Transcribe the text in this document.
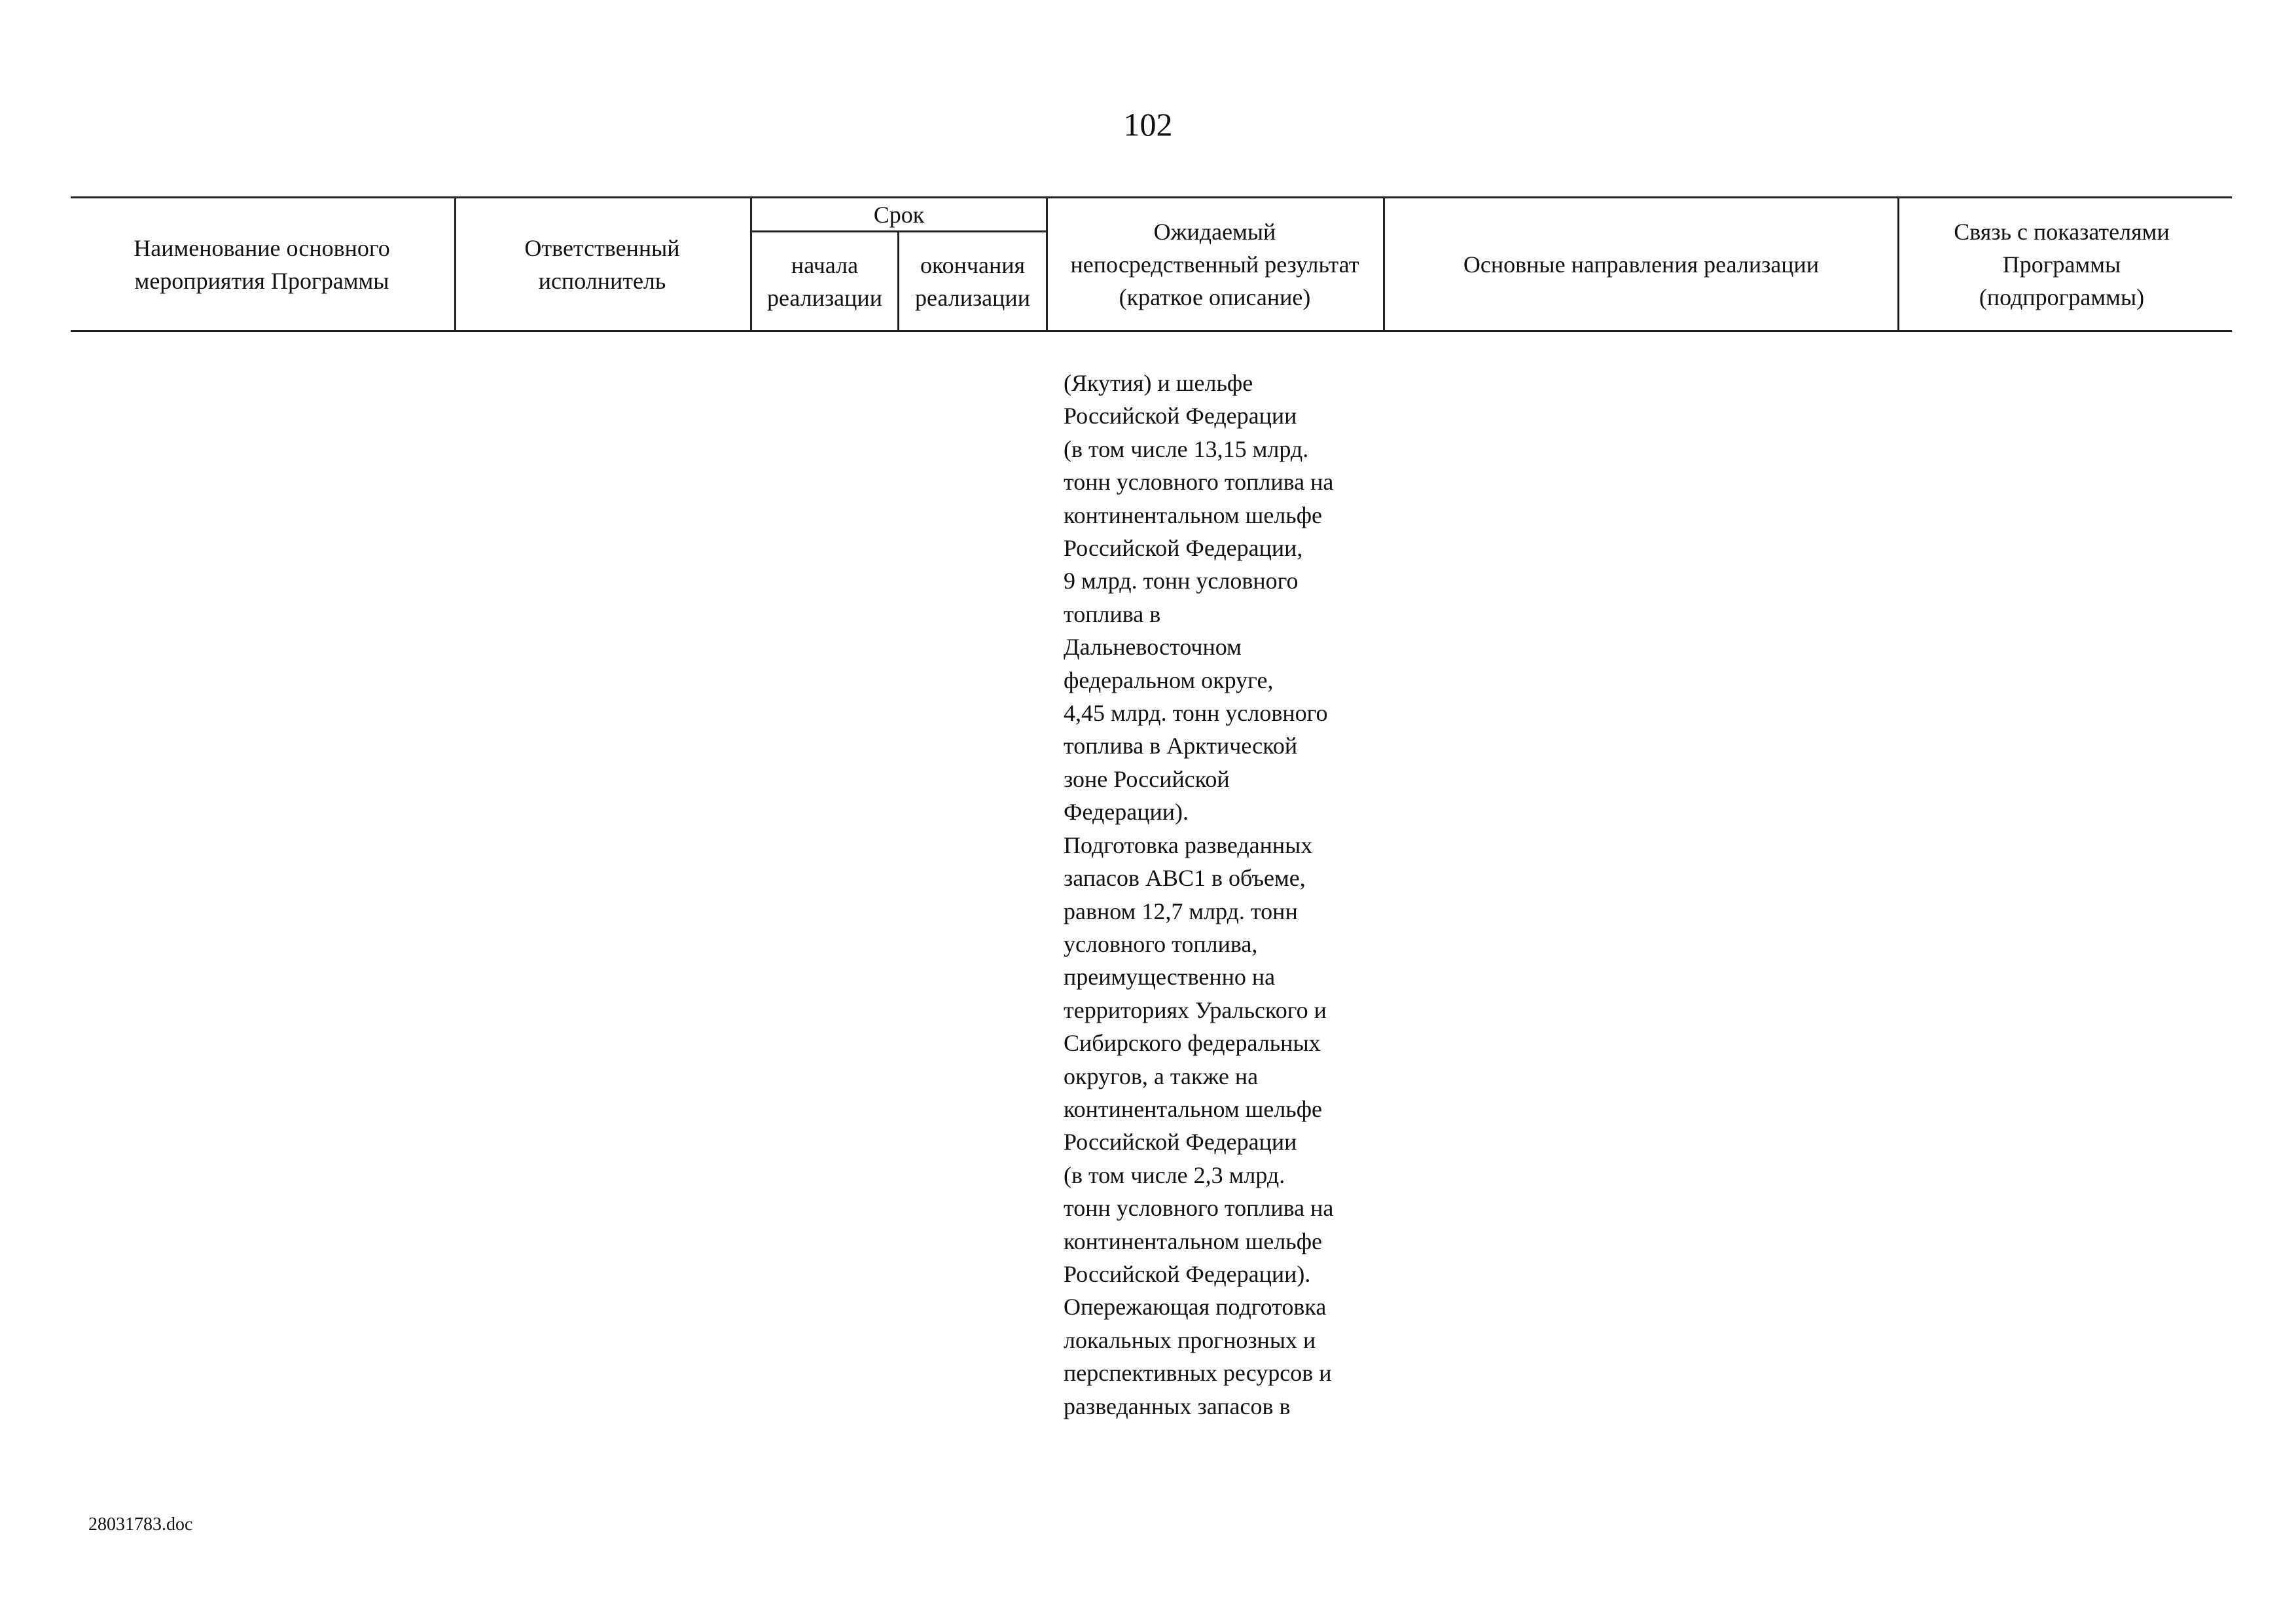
102
Наименование основного мероприятия Программы
Ответственный исполнитель
Срок
начала реализации
окончания реализации
Ожидаемый непосредственный результат (краткое описание)
Основные направления реализации
Связь с показателями Программы (подпрограммы)
(Якутия) и шельфе
Российской Федерации
(в том числе 13,15 млрд.
тонн условного топлива на
континентальном шельфе
Российской Федерации,
9 млрд. тонн условного
топлива в
Дальневосточном
федеральном округе,
4,45 млрд. тонн условного
топлива в Арктической
зоне Российской
Федерации).
Подготовка разведанных
запасов АВС1 в объеме,
равном 12,7 млрд. тонн
условного топлива,
преимущественно на
территориях Уральского и
Сибирского федеральных
округов, а также на
континентальном шельфе
Российской Федерации
(в том числе 2,3 млрд.
тонн условного топлива на
континентальном шельфе
Российской Федерации).
Опережающая подготовка
локальных прогнозных и
перспективных ресурсов и
разведанных запасов в
28031783.doc
